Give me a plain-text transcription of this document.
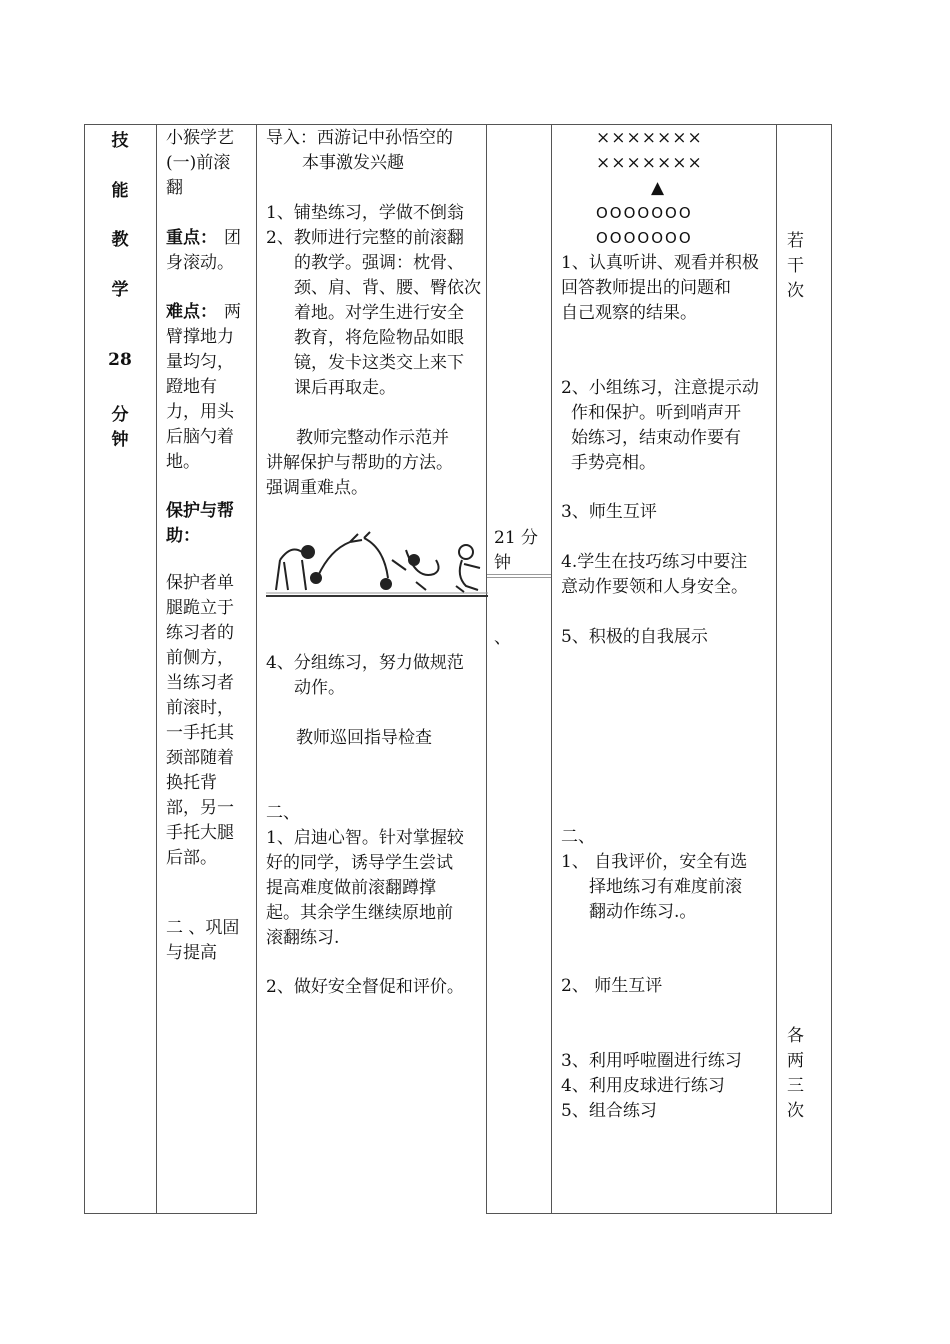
技
能
教
学
28
分
钟
小猴学艺
(一)前滚
翻
重点： 团
身滚动。
难点： 两
臂撑地力
量均匀，
蹬地有
力，用头
后脑勺着
地。
保护与帮
助：
保护者单
腿跪立于
练习者的
前侧方，
当练习者
前滚时，
一手托其
颈部随着
换托背
部，另一
手托大腿
后部。
二 、巩固
与提高
导入：西游记中孙悟空的
本事激发兴趣
1、铺垫练习，学做不倒翁
2、教师进行完整的前滚翻
的教学。强调：枕骨、
颈、肩、背、腰、臀依次
着地。对学生进行安全
教育，将危险物品如眼
镜，发卡这类交上来下
课后再取走。
教师完整动作示范并
讲解保护与帮助的方法。
强调重难点。
4、分组练习，努力做规范
动作。
教师巡回指导检查
二、
1、启迪心智。针对掌握较
好的同学，诱导学生尝试
提高难度做前滚翻蹲撑
起。其余学生继续原地前
滚翻练习.
2、做好安全督促和评价。
21 分
钟
、
×××××××
×××××××
▲
OOOOOOO
OOOOOOO
1、认真听讲、观看并积极
回答教师提出的问题和
自己观察的结果。
2、小组练习，注意提示动
作和保护。听到哨声开
始练习，结束动作要有
手势亮相。
3、师生互评
4.学生在技巧练习中要注
意动作要领和人身安全。
5、积极的自我展示
二、
1、 自我评价，安全有选
择地练习有难度前滚
翻动作练习.。
2、 师生互评
3、利用呼啦圈进行练习
4、利用皮球进行练习
5、组合练习
若
干
次
各
两
三
次
